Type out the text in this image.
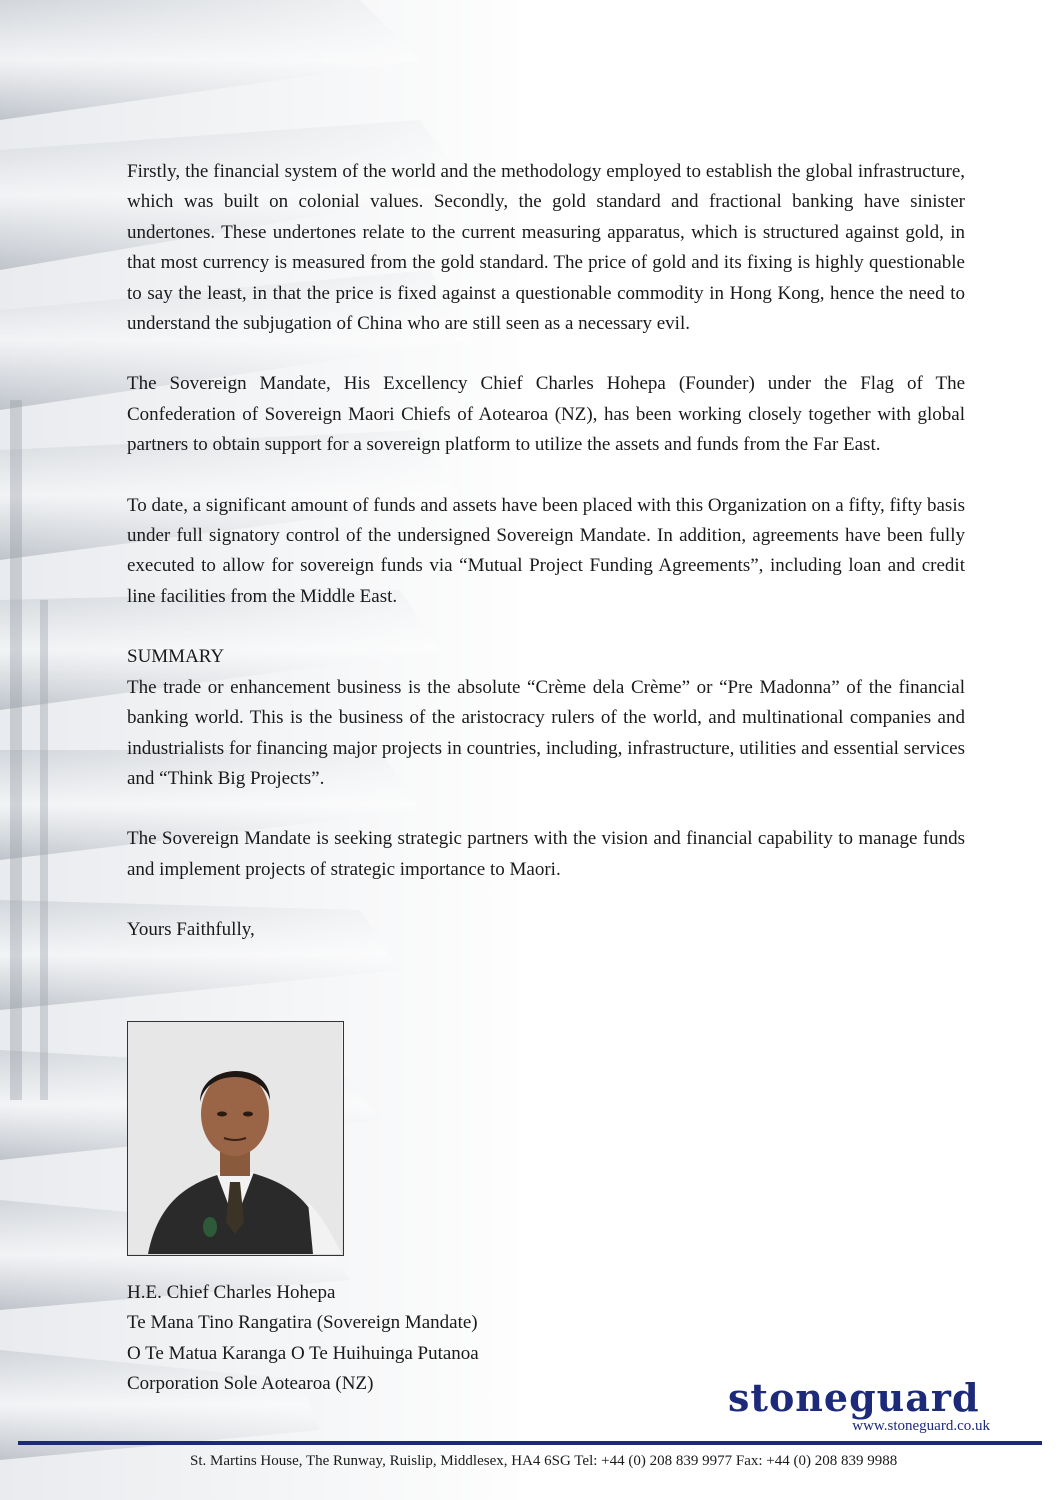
Firstly, the financial system of the world and the methodology employed to establish the global infrastructure, which was built on colonial values. Secondly, the gold standard and fractional banking have sinister undertones. These undertones relate to the current measuring apparatus, which is structured against gold, in that most currency is measured from the gold standard. The price of gold and its fixing is highly questionable to say the least, in that the price is fixed against a questionable commodity in Hong Kong, hence the need to understand the subjugation of China who are still seen as a necessary evil.

The Sovereign Mandate, His Excellency Chief Charles Hohepa (Founder) under the Flag of The Confederation of Sovereign Maori Chiefs of Aotearoa (NZ), has been working closely together with global partners to obtain support for a sovereign platform to utilize the assets and funds from the Far East.

To date, a significant amount of funds and assets have been placed with this Organization on a fifty, fifty basis under full signatory control of the undersigned Sovereign Mandate. In addition, agreements have been fully executed to allow for sovereign funds via “Mutual Project Funding Agreements”, including loan and credit line facilities from the Middle East.

SUMMARY

The trade or enhancement business is the absolute “Crème dela Crème” or “Pre Madonna” of the financial banking world. This is the business of the aristocracy rulers of the world, and multinational companies and industrialists for financing major projects in countries, including, infrastructure, utilities and essential services and “Think Big Projects”.

The Sovereign Mandate is seeking strategic partners with the vision and financial capability to manage funds and implement projects of strategic importance to Maori.

Yours Faithfully,

H.E. Chief Charles Hohepa
Te Mana Tino Rangatira (Sovereign Mandate)
O Te Matua Karanga O Te Huihuinga Putanoa
Corporation Sole Aotearoa (NZ)	stoneguard
www.stoneguard.co.uk
St. Martins House, The Runway, Ruislip, Middlesex, HA4 6SG Tel: +44 (0) 208 839 9977 Fax: +44 (0) 208 839 9988
